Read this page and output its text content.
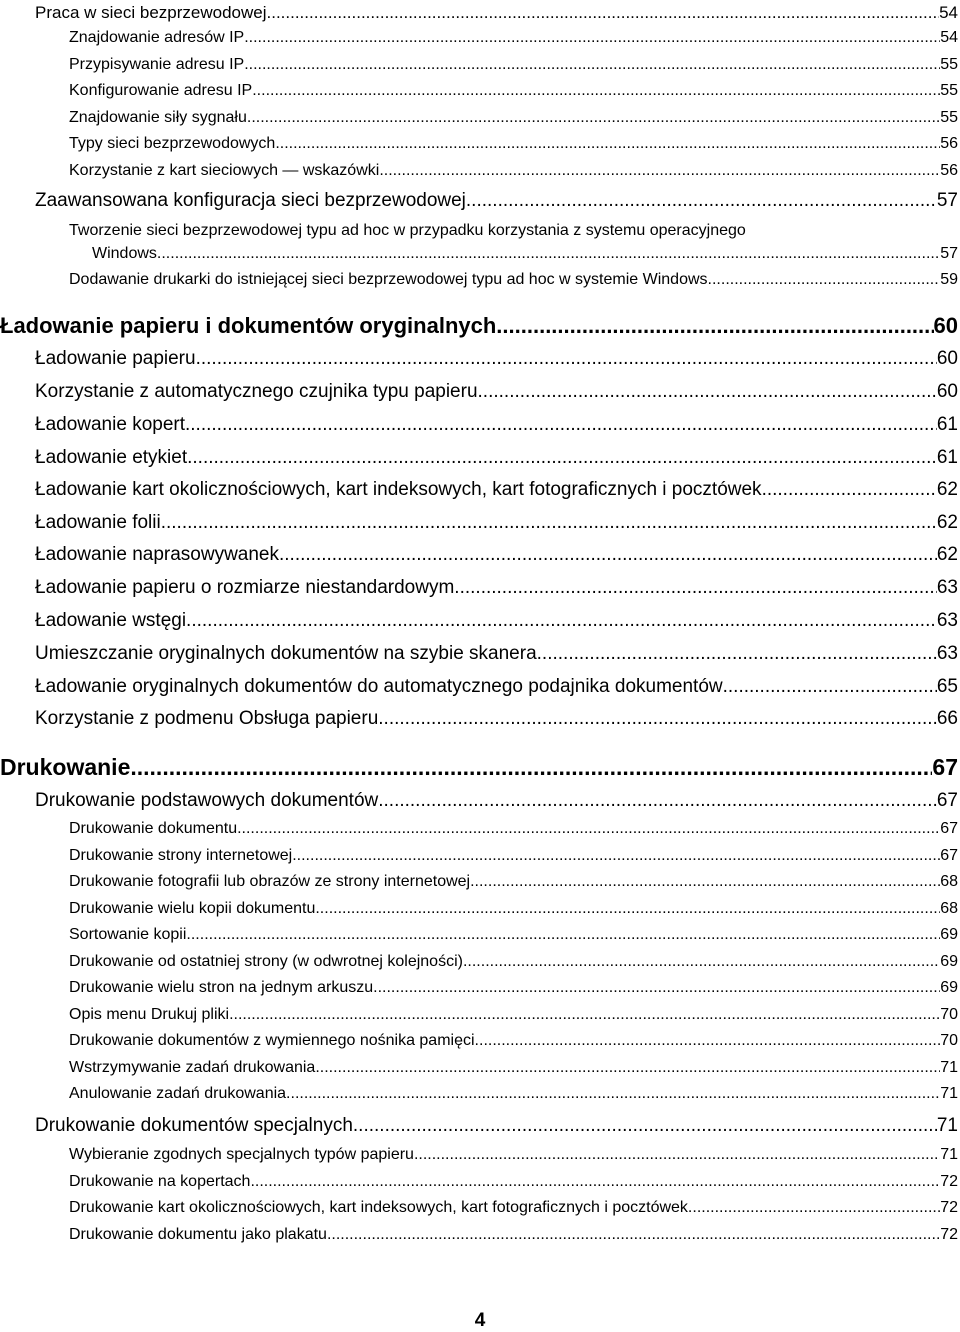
Praca w sieci bezprzewodowej .....	54
Znajdowanie adresów IP .....	54
Przypisywanie adresu IP .....	55
Konfigurowanie adresu IP .....	55
Znajdowanie siły sygnału .....	55
Typy sieci bezprzewodowych .....	56
Korzystanie z kart sieciowych — wskazówki .....	56
Zaawansowana konfiguracja sieci bezprzewodowej .....	57
Tworzenie sieci bezprzewodowej typu ad hoc w przypadku korzystania z systemu operacyjnego
Windows .....	57
Dodawanie drukarki do istniejącej sieci bezprzewodowej typu ad hoc w systemie Windows .....	59
Ładowanie papieru i dokumentów oryginalnych .....	60
Ładowanie papieru .....	60
Korzystanie z automatycznego czujnika typu papieru .....	60
Ładowanie kopert .....	61
Ładowanie etykiet .....	61
Ładowanie kart okolicznościowych, kart indeksowych, kart fotograficznych i pocztówek .....	62
Ładowanie folii .....	62
Ładowanie naprasowywanek .....	62
Ładowanie papieru o rozmiarze niestandardowym .....	63
Ładowanie wstęgi .....	63
Umieszczanie oryginalnych dokumentów na szybie skanera .....	63
Ładowanie oryginalnych dokumentów do automatycznego podajnika dokumentów .....	65
Korzystanie z podmenu Obsługa papieru .....	66
Drukowanie .....	67
Drukowanie podstawowych dokumentów .....	67
Drukowanie dokumentu .....	67
Drukowanie strony internetowej .....	67
Drukowanie fotografii lub obrazów ze strony internetowej .....	68
Drukowanie wielu kopii dokumentu .....	68
Sortowanie kopii .....	69
Drukowanie od ostatniej strony (w odwrotnej kolejności) .....	69
Drukowanie wielu stron na jednym arkuszu .....	69
Opis menu Drukuj pliki .....	70
Drukowanie dokumentów z wymiennego nośnika pamięci .....	70
Wstrzymywanie zadań drukowania .....	71
Anulowanie zadań drukowania .....	71
Drukowanie dokumentów specjalnych .....	71
Wybieranie zgodnych specjalnych typów papieru .....	71
Drukowanie na kopertach .....	72
Drukowanie kart okolicznościowych, kart indeksowych, kart fotograficznych i pocztówek .....	72
Drukowanie dokumentu jako plakatu .....	72
4
